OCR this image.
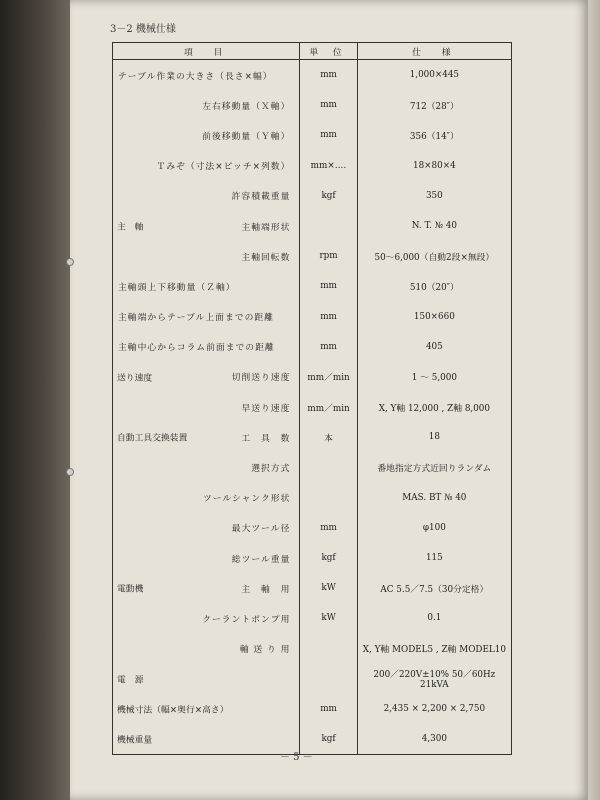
3－2 機械仕様
項　目	単 位	仕　様

テーブル作業の大きさ（長さ×幅）	mm	1,000×445

左右移動量（Ｘ軸）	mm	712（28″）

前後移動量（Ｙ軸）	mm	356（14″）

Ｔみぞ（寸法×ピッチ×列数）	mm×‥‥	18×80×4

許容積載重量	kgf	350

主　軸 主軸端形状		N. T. № 40

主軸回転数	rpm	50～6,000（自動2段×無段）

主軸頭上下移動量（Ｚ軸）	mm	510（20″）

主軸端からテーブル上面までの距離	mm	150×660

主軸中心からコラム前面までの距離	mm	405

送り速度 切削送り速度	mm／min	1 ～ 5,000

早送り速度	mm／min	X, Y軸 12,000 , Z軸 8,000

自動工具交換装置 工　具　数	本	18

選択方式		番地指定方式近回りランダム

ツールシャンク形状		MAS. BT № 40

最大ツール径	mm	φ100

総ツール重量	kgf	115

電動機 主　軸　用	kW	AC 5.5／7.5（30分定格）

クーラントポンプ用	kW	0.1

軸 送 り 用		X, Y軸 MODEL5 , Z軸 MODEL10

電　源		200／220V±10% 50／60Hz 21kVA

機械寸法（幅×奥行×高さ）	mm	2,435 × 2,200 × 2,750

機械重量	kgf	4,300
－ 5 －
